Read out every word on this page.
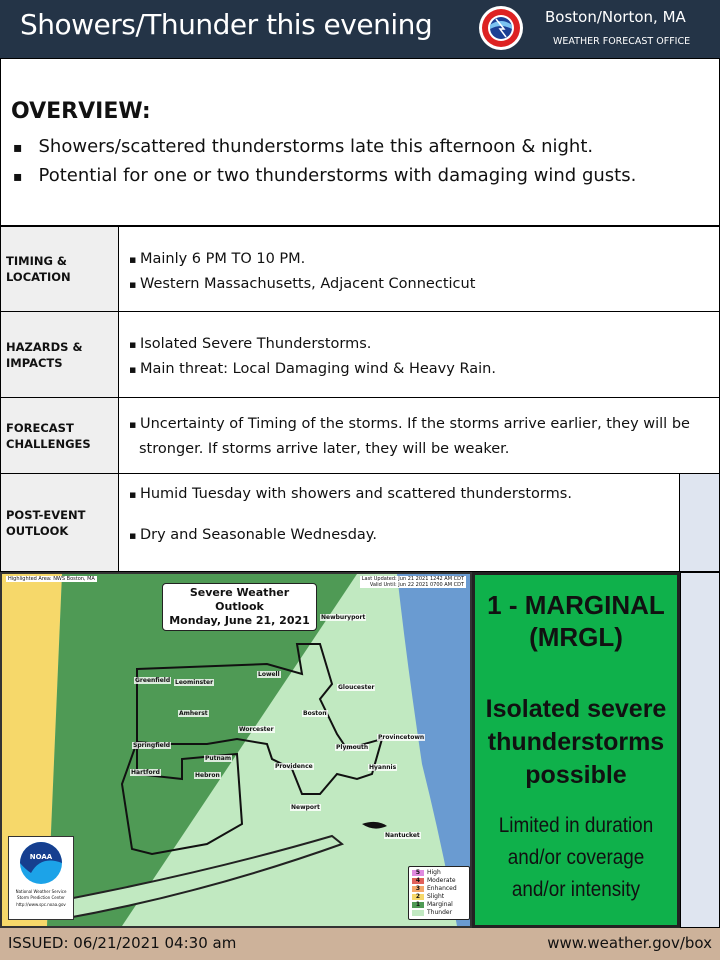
Showers/Thunder this evening	Boston/Norton, MA
WEATHER FORECAST OFFICE
OVERVIEW:
▪ Showers/scattered thunderstorms late this afternoon & night.
▪ Potential for one or two thunderstorms with damaging wind gusts.
TIMING & LOCATION

▪ Mainly 6 PM TO 10 PM.

▪ Western Massachusetts, Adjacent Connecticut

HAZARDS & IMPACTS

▪ Isolated Severe Thunderstorms.

▪ Main threat: Local Damaging wind & Heavy Rain.

FORECAST CHALLENGES

▪ Uncertainty of Timing of the storms. If the storms arrive earlier, they will be stronger. If storms arrive later, they will be weaker.

POST-EVENT OUTLOOK

▪ Humid Tuesday with showers and scattered thunderstorms.

▪ Dry and Seasonable Wednesday.

Highlighted Area: NWS Boston, MA
Severe Weather Outlook
Monday, June 21, 2021
Last Updated: Jun 21 2021 1242 AM CDT
Valid Until: Jun 22 2021 0700 AM CDT
Newburyport
Greenfield
Lowell
Leominster
Gloucester
Boston
Amherst
Worcester
Provincetown
Plymouth
Springfield
Putnam
Hartford
Providence
Hebron
Hyannis
Newport
Nantucket
NOAA
National Weather Service
Storm Prediction Center
http://www.spc.noaa.gov
5 High
4 Moderate
3 Enhanced
2 Slight
1 Marginal
Thunder
1 - MARGINAL
(MRGL)
Isolated severe thunderstorms possible
Limited in duration and/or coverage and/or intensity
ISSUED: 06/21/2021 04:30 am	www.weather.gov/box
